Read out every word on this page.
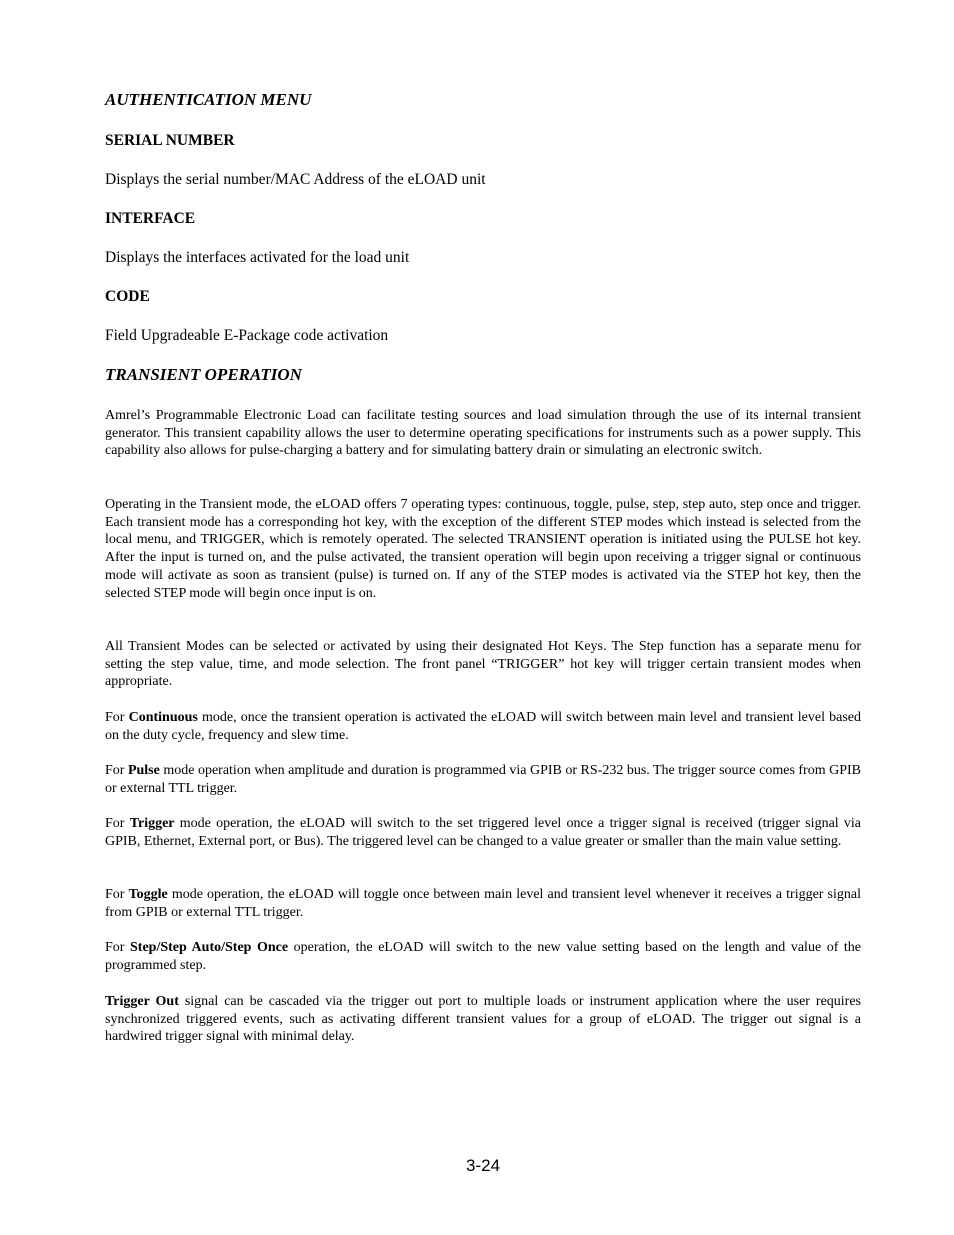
AUTHENTICATION MENU
SERIAL NUMBER
Displays the serial number/MAC Address of the eLOAD unit
INTERFACE
Displays the interfaces activated for the load unit
CODE
Field Upgradeable E-Package code activation
TRANSIENT OPERATION
Amrel’s Programmable Electronic Load can facilitate testing sources and load simulation through the use of its internal transient generator. This transient capability allows the user to determine operating specifications for instruments such as a power supply. This capability also allows for pulse-charging a battery and for simulating battery drain or simulating an electronic switch.
Operating in the Transient mode, the eLOAD offers 7 operating types: continuous, toggle, pulse, step, step auto, step once and trigger. Each transient mode has a corresponding hot key, with the exception of the different STEP modes which instead is selected from the local menu, and TRIGGER, which is remotely operated. The selected TRANSIENT operation is initiated using the PULSE hot key. After the input is turned on, and the pulse activated, the transient operation will begin upon receiving a trigger signal or continuous mode will activate as soon as transient (pulse) is turned on. If any of the STEP modes is activated via the STEP hot key, then the selected STEP mode will begin once input is on.
All Transient Modes can be selected or activated by using their designated Hot Keys. The Step function has a separate menu for setting the step value, time, and mode selection. The front panel “TRIGGER” hot key will trigger certain transient modes when appropriate.
For Continuous mode, once the transient operation is activated the eLOAD will switch between main level and transient level based on the duty cycle, frequency and slew time.
For Pulse mode operation when amplitude and duration is programmed via GPIB or RS-232 bus. The trigger source comes from GPIB or external TTL trigger.
For Trigger mode operation, the eLOAD will switch to the set triggered level once a trigger signal is received (trigger signal via GPIB, Ethernet, External port, or Bus). The triggered level can be changed to a value greater or smaller than the main value setting.
For Toggle mode operation, the eLOAD will toggle once between main level and transient level whenever it receives a trigger signal from GPIB or external TTL trigger.
For Step/Step Auto/Step Once operation, the eLOAD will switch to the new value setting based on the length and value of the programmed step.
Trigger Out signal can be cascaded via the trigger out port to multiple loads or instrument application where the user requires synchronized triggered events, such as activating different transient values for a group of eLOAD. The trigger out signal is a hardwired trigger signal with minimal delay.
3-24
